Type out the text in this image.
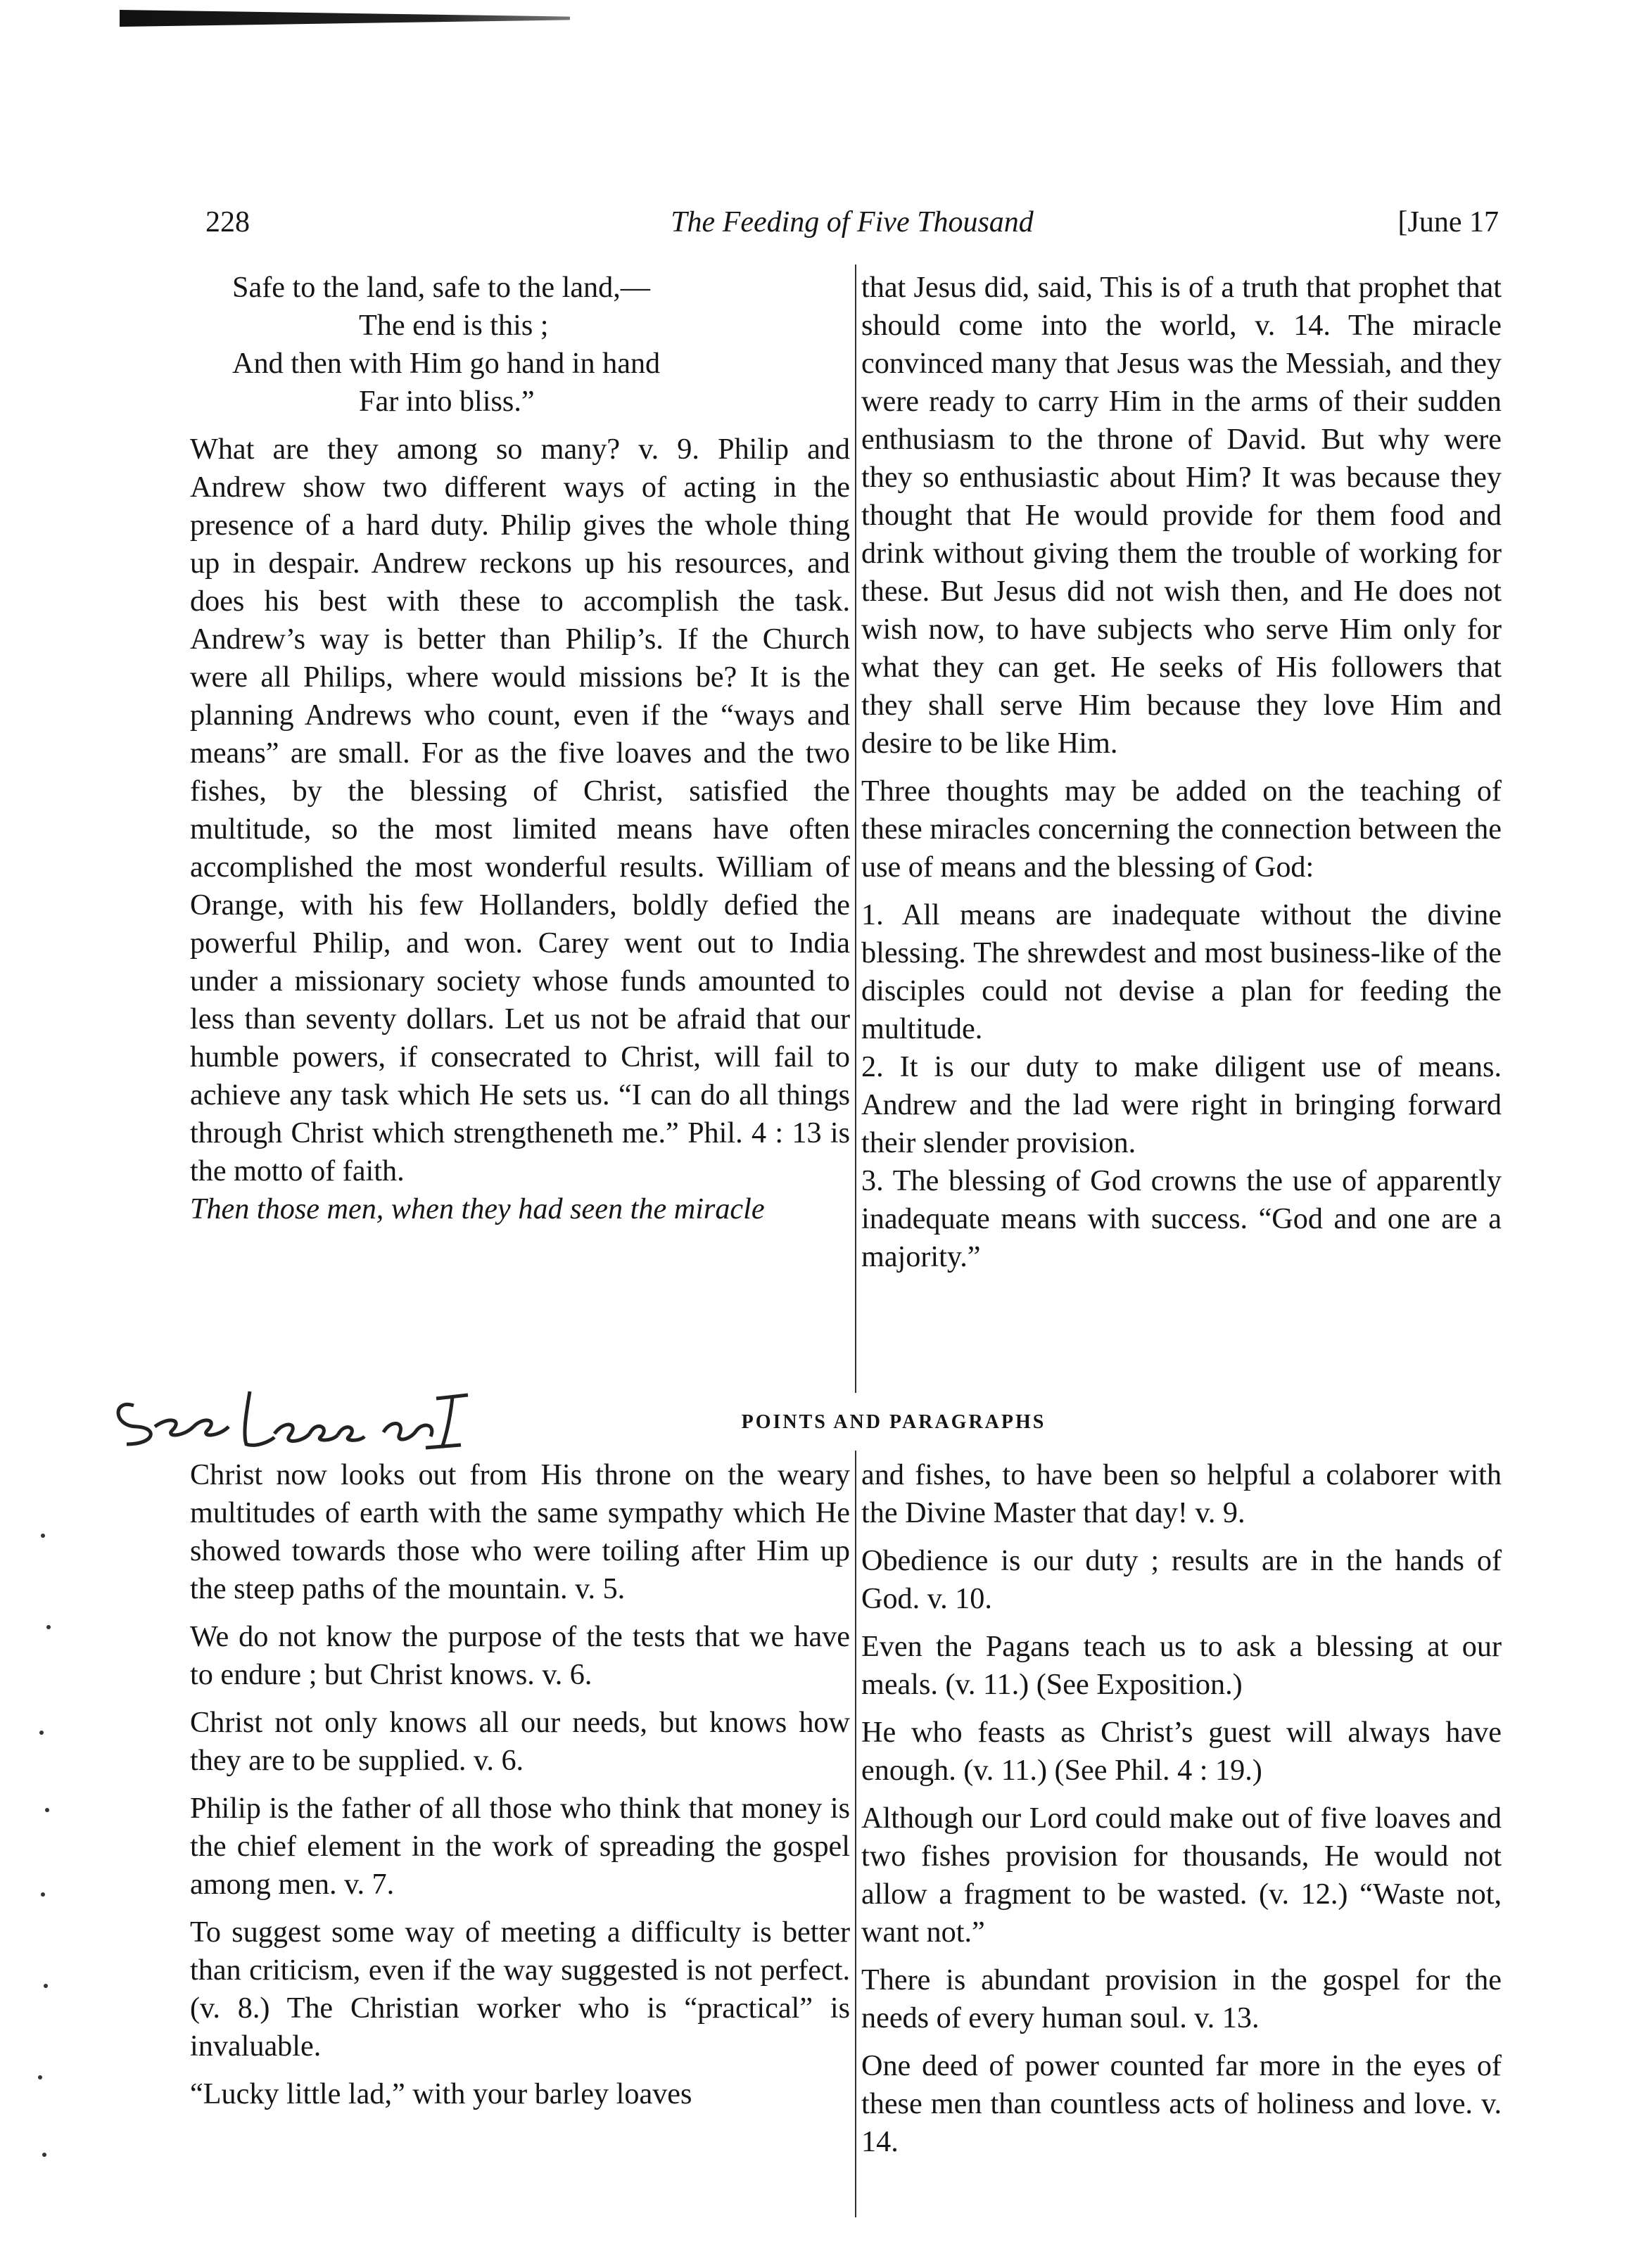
228	The Feeding of Five Thousand	[June 17

Safe to the land, safe to the land,—

The end is this ;

And then with Him go hand in hand

Far into bliss.”

What are they among so many? v. 9. Philip and Andrew show two different ways of acting in the presence of a hard duty. Philip gives the whole thing up in despair. Andrew reckons up his resources, and does his best with these to accomplish the task. Andrew’s way is better than Philip’s. If the Church were all Philips, where would missions be? It is the planning Andrews who count, even if the “ways and means” are small. For as the five loaves and the two fishes, by the blessing of Christ, satisfied the multitude, so the most limited means have often accomplished the most wonderful results. William of Orange, with his few Hollanders, boldly defied the powerful Philip, and won. Carey went out to India under a missionary society whose funds amounted to less than seventy dollars. Let us not be afraid that our humble powers, if consecrated to Christ, will fail to achieve any task which He sets us. “I can do all things through Christ which strengtheneth me.” Phil. 4 : 13 is the motto of faith.

Then those men, when they had seen the miracle

that Jesus did, said, This is of a truth that prophet that should come into the world, v. 14. The miracle convinced many that Jesus was the Messiah, and they were ready to carry Him in the arms of their sudden enthusiasm to the throne of David. But why were they so enthusiastic about Him? It was because they thought that He would provide for them food and drink without giving them the trouble of working for these. But Jesus did not wish then, and He does not wish now, to have subjects who serve Him only for what they can get. He seeks of His followers that they shall serve Him because they love Him and desire to be like Him.

Three thoughts may be added on the teaching of these miracles concerning the connection between the use of means and the blessing of God:

1. All means are inadequate without the divine blessing. The shrewdest and most business-like of the disciples could not devise a plan for feeding the multitude.

2. It is our duty to make diligent use of means. Andrew and the lad were right in bringing forward their slender provision.

3. The blessing of God crowns the use of apparently inadequate means with success. “God and one are a majority.”

POINTS AND PARAGRAPHS

Christ now looks out from His throne on the weary multitudes of earth with the same sympathy which He showed towards those who were toiling after Him up the steep paths of the mountain. v. 5.

We do not know the purpose of the tests that we have to endure ; but Christ knows. v. 6.

Christ not only knows all our needs, but knows how they are to be supplied. v. 6.

Philip is the father of all those who think that money is the chief element in the work of spreading the gospel among men. v. 7.

To suggest some way of meeting a difficulty is better than criticism, even if the way suggested is not perfect. (v. 8.) The Christian worker who is “practical” is invaluable.

“Lucky little lad,” with your barley loaves

and fishes, to have been so helpful a colaborer with the Divine Master that day! v. 9.

Obedience is our duty ; results are in the hands of God. v. 10.

Even the Pagans teach us to ask a blessing at our meals. (v. 11.) (See Exposition.)

He who feasts as Christ’s guest will always have enough. (v. 11.) (See Phil. 4 : 19.)

Although our Lord could make out of five loaves and two fishes provision for thousands, He would not allow a fragment to be wasted. (v. 12.) “Waste not, want not.”

There is abundant provision in the gospel for the needs of every human soul. v. 13.

One deed of power counted far more in the eyes of these men than countless acts of holiness and love. v. 14.
